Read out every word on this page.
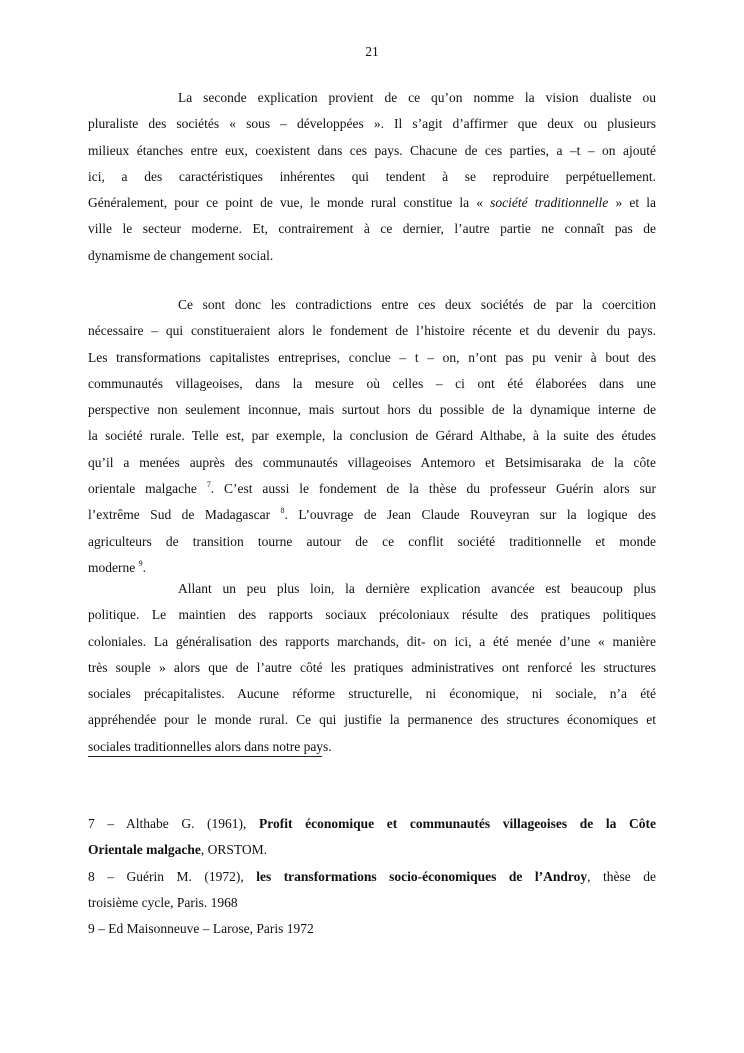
21
La seconde explication provient de ce qu’on nomme la vision dualiste ou
pluraliste des sociétés « sous – développées ». Il s’agit d’affirmer que deux ou plusieurs
milieux étanches entre eux, coexistent dans ces pays. Chacune de ces parties, a –t – on ajouté
ici, a des caractéristiques inhérentes qui tendent à se reproduire perpétuellement.
Généralement, pour ce point de vue, le monde rural constitue la « société traditionnelle » et la
ville le secteur moderne. Et, contrairement à ce dernier, l’autre partie ne connaît pas de
dynamisme de changement social.
Ce sont donc les contradictions entre ces deux sociétés de par la coercition
nécessaire – qui constitueraient alors le fondement de l’histoire récente et du devenir du pays.
Les transformations capitalistes entreprises, conclue – t – on, n’ont pas pu venir à bout des
communautés villageoises, dans la mesure où celles – ci ont été élaborées dans une
perspective non seulement inconnue, mais surtout hors du possible de la dynamique interne de
la société rurale. Telle est, par exemple, la conclusion de Gérard Althabe, à la suite des études
qu’il a menées auprès des communautés villageoises Antemoro et Betsimisaraka de la côte
orientale malgache $^7$. C’est aussi le fondement de la thèse du professeur Guérin alors sur
l’extrême Sud de Madagascar $^8$. L’ouvrage de Jean Claude Rouveyran sur la logique des
agriculteurs de transition tourne autour de ce conflit société traditionnelle et monde
moderne $^9$.
Allant un peu plus loin, la dernière explication avancée est beaucoup plus
politique. Le maintien des rapports sociaux précoloniaux résulte des pratiques politiques
coloniales. La généralisation des rapports marchands, dit- on ici, a été menée d’une « manière
très souple » alors que de l’autre côté les pratiques administratives ont renforcé les structures
sociales précapitalistes. Aucune réforme structurelle, ni économique, ni sociale, n’a été
appréhendée pour le monde rural. Ce qui justifie la permanence des structures économiques et
sociales traditionnelles alors dans notre pays.
7 – Althabe G. (1961), Profit économique et communautés villageoises de la Côte
Orientale malgache, ORSTOM.
8 – Guérin M. (1972), les transformations socio-économiques de l’Androy, thèse de
troisième cycle, Paris. 1968
9 – Ed Maisonneuve – Larose, Paris 1972
